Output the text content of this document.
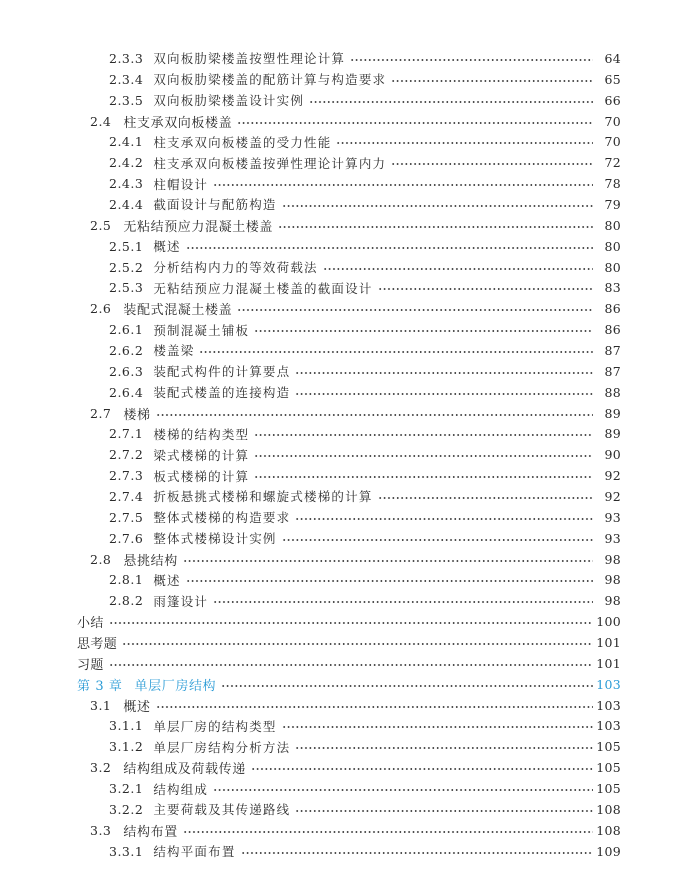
2.3.3 双向板肋梁楼盖按塑性理论计算	64
2.3.4 双向板肋梁楼盖的配筋计算与构造要求	65
2.3.5 双向板肋梁楼盖设计实例	66
2.4 柱支承双向板楼盖	70
2.4.1 柱支承双向板楼盖的受力性能	70
2.4.2 柱支承双向板楼盖按弹性理论计算内力	72
2.4.3 柱帽设计	78
2.4.4 截面设计与配筋构造	79
2.5 无粘结预应力混凝土楼盖	80
2.5.1 概述	80
2.5.2 分析结构内力的等效荷载法	80
2.5.3 无粘结预应力混凝土楼盖的截面设计	83
2.6 装配式混凝土楼盖	86
2.6.1 预制混凝土铺板	86
2.6.2 楼盖梁	87
2.6.3 装配式构件的计算要点	87
2.6.4 装配式楼盖的连接构造	88
2.7 楼梯	89
2.7.1 楼梯的结构类型	89
2.7.2 梁式楼梯的计算	90
2.7.3 板式楼梯的计算	92
2.7.4 折板悬挑式楼梯和螺旋式楼梯的计算	92
2.7.5 整体式楼梯的构造要求	93
2.7.6 整体式楼梯设计实例	93
2.8 悬挑结构	98
2.8.1 概述	98
2.8.2 雨篷设计	98
小结	100
思考题	101
习题	101
第 3 章 单层厂房结构	103
3.1 概述	103
3.1.1 单层厂房的结构类型	103
3.1.2 单层厂房结构分析方法	105
3.2 结构组成及荷载传递	105
3.2.1 结构组成	105
3.2.2 主要荷载及其传递路线	108
3.3 结构布置	108
3.3.1 结构平面布置	109
